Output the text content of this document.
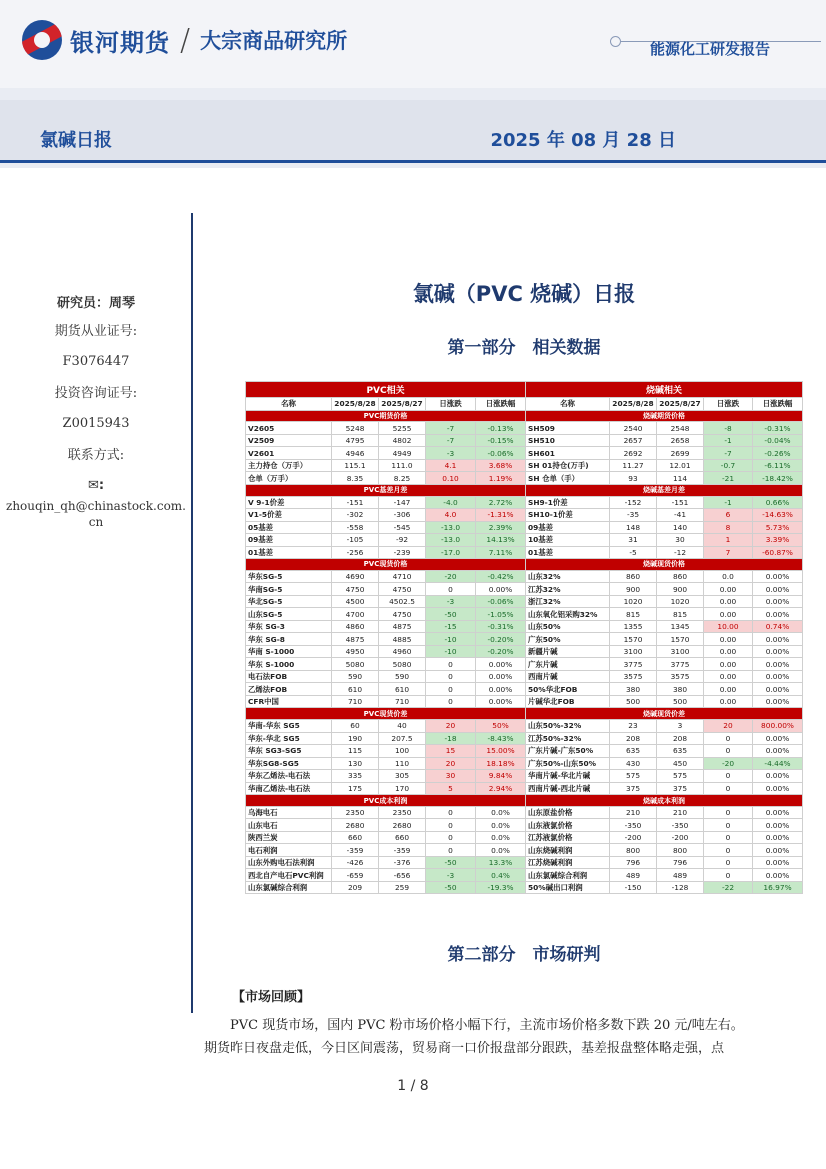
银河期货 / 大宗商品研究所	能源化工研发报告
氯碱日报	2025 年 08 月 28 日
研究员：周琴
期货从业证号:
F3076447
投资咨询证号:
Z0015943
联系方式:
✉:
zhouqin_qh@chinastock.com.cn
氯碱（PVC 烧碱）日报
第一部分　相关数据
PVC相关				
名称	2025/8/28	2025/8/27	日涨跌	日涨跌幅
PVC期货价格				
V2605	5248	5255	-7	-0.13%
V2509	4795	4802	-7	-0.15%
V2601	4946	4949	-3	-0.06%
主力持仓（万手）	115.1	111.0	4.1	3.68%
仓单（万手）	8.35	8.25	0.10	1.19%
PVC基差月差				
V 9-1价差	-151	-147	-4.0	2.72%
V1-5价差	-302	-306	4.0	-1.31%
05基差	-558	-545	-13.0	2.39%
09基差	-105	-92	-13.0	14.13%
01基差	-256	-239	-17.0	7.11%
PVC现货价格				
华东SG-5	4690	4710	-20	-0.42%
华南SG-5	4750	4750	0	0.00%
华北SG-5	4500	4502.5	-3	-0.06%
山东SG-5	4700	4750	-50	-1.05%
华东 SG-3	4860	4875	-15	-0.31%
华东 SG-8	4875	4885	-10	-0.20%
华南 S-1000	4950	4960	-10	-0.20%
华东 S-1000	5080	5080	0	0.00%
电石法FOB	590	590	0	0.00%
乙烯法FOB	610	610	0	0.00%
CFR中国	710	710	0	0.00%
PVC现货价差				
华南-华东 SG5	60	40	20	50%
华东-华北 SG5	190	207.5	-18	-8.43%
华东 SG3-SG5	115	100	15	15.00%
华东SG8-SG5	130	110	20	18.18%
华东乙烯法-电石法	335	305	30	9.84%
华南乙烯法-电石法	175	170	5	2.94%
PVC成本利润				
乌海电石	2350	2350	0	0.0%
山东电石	2680	2680	0	0.0%
陕西兰炭	660	660	0	0.0%
电石利润	-359	-359	0	0.0%
山东外购电石法利润	-426	-376	-50	13.3%
西北自产电石PVC利润	-659	-656	-3	0.4%
山东氯碱综合利润	209	259	-50	-19.3%
烧碱相关				
名称	2025/8/28	2025/8/27	日涨跌	日涨跌幅
烧碱期货价格				
SH509	2540	2548	-8	-0.31%
SH510	2657	2658	-1	-0.04%
SH601	2692	2699	-7	-0.26%
SH 01持仓(万手)	11.27	12.01	-0.7	-6.11%
SH 仓单（手）	93	114	-21	-18.42%
烧碱基差月差				
SH9-1价差	-152	-151	-1	0.66%
SH10-1价差	-35	-41	6	-14.63%
09基差	148	140	8	5.73%
10基差	31	30	1	3.39%
01基差	-5	-12	7	-60.87%
烧碱现货价格				
山东32%	860	860	0.0	0.00%
江苏32%	900	900	0.00	0.00%
浙江32%	1020	1020	0.00	0.00%
山东氧化铝采购32%	815	815	0.00	0.00%
山东50%	1355	1345	10.00	0.74%
广东50%	1570	1570	0.00	0.00%
新疆片碱	3100	3100	0.00	0.00%
广东片碱	3775	3775	0.00	0.00%
西南片碱	3575	3575	0.00	0.00%
50%华北FOB	380	380	0.00	0.00%
片碱华北FOB	500	500	0.00	0.00%
烧碱现货价差				
山东50%-32%	23	3	20	800.00%
江苏50%-32%	208	208	0	0.00%
广东片碱-广东50%	635	635	0	0.00%
广东50%-山东50%	430	450	-20	-4.44%
华南片碱-华北片碱	575	575	0	0.00%
西南片碱-西北片碱	375	375	0	0.00%
烧碱成本利润				
山东原盐价格	210	210	0	0.00%
山东液氯价格	-350	-350	0	0.00%
江苏液氯价格	-200	-200	0	0.00%
山东烧碱利润	800	800	0	0.00%
江苏烧碱利润	796	796	0	0.00%
山东氯碱综合利润	489	489	0	0.00%
50%碱出口利润	-150	-128	-22	16.97%
第二部分　市场研判
【市场回顾】
PVC 现货市场，国内 PVC 粉市场价格小幅下行，主流市场价格多数下跌 20 元/吨左右。
期货昨日夜盘走低，今日区间震荡，贸易商一口价报盘部分跟跌，基差报盘整体略走强，点
1 / 8
